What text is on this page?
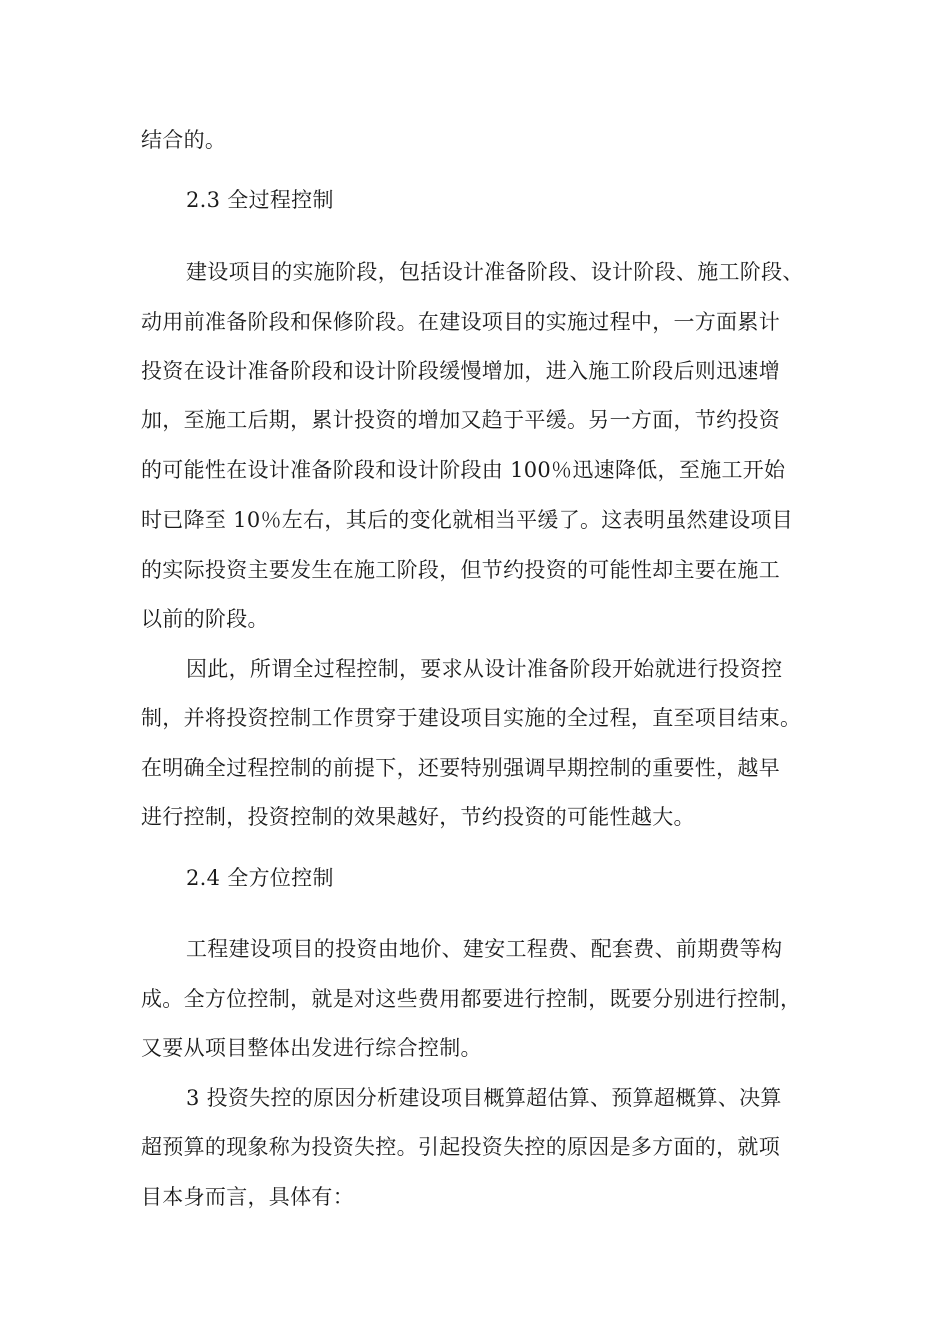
结合的。
2.3 全过程控制
建设项目的实施阶段，包括设计准备阶段、设计阶段、施工阶段、
动用前准备阶段和保修阶段。在建设项目的实施过程中，一方面累计
投资在设计准备阶段和设计阶段缓慢增加，进入施工阶段后则迅速增
加，至施工后期，累计投资的增加又趋于平缓。另一方面，节约投资
的可能性在设计准备阶段和设计阶段由 100％迅速降低，至施工开始
时已降至 10％左右，其后的变化就相当平缓了。这表明虽然建设项目
的实际投资主要发生在施工阶段，但节约投资的可能性却主要在施工
以前的阶段。
因此，所谓全过程控制，要求从设计准备阶段开始就进行投资控
制，并将投资控制工作贯穿于建设项目实施的全过程，直至项目结束。
在明确全过程控制的前提下，还要特别强调早期控制的重要性，越早
进行控制，投资控制的效果越好，节约投资的可能性越大。
2.4 全方位控制
工程建设项目的投资由地价、建安工程费、配套费、前期费等构
成。全方位控制，就是对这些费用都要进行控制，既要分别进行控制，
又要从项目整体出发进行综合控制。
3 投资失控的原因分析建设项目概算超估算、预算超概算、决算
超预算的现象称为投资失控。引起投资失控的原因是多方面的，就项
目本身而言，具体有：
